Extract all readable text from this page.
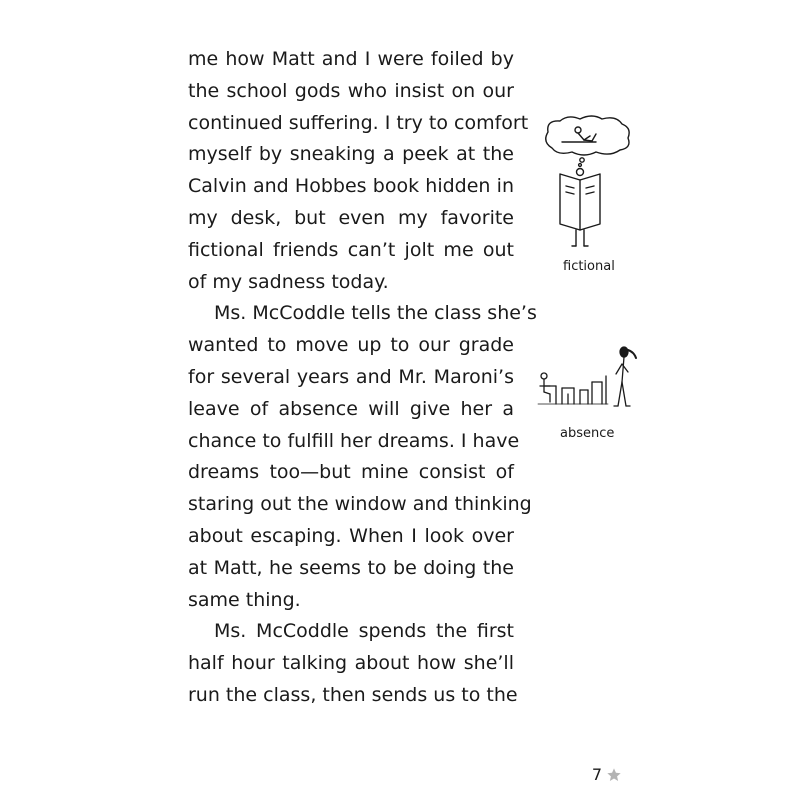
me how Matt and I were foiled by
the school gods who insist on our
continued suffering. I try to comfort
myself by sneaking a peek at the
Calvin and Hobbes book hidden in
my desk, but even my favorite
fictional friends can’t jolt me out
of my sadness today.
Ms. McCoddle tells the class she’s
wanted to move up to our grade
for several years and Mr. Maroni’s
leave of absence will give her a
chance to fulfill her dreams. I have
dreams too—but mine consist of
staring out the window and thinking
about escaping. When I look over
at Matt, he seems to be doing the
same thing.
Ms. McCoddle spends the first
half hour talking about how she’ll
run the class, then sends us to the
fictional
absence
7
